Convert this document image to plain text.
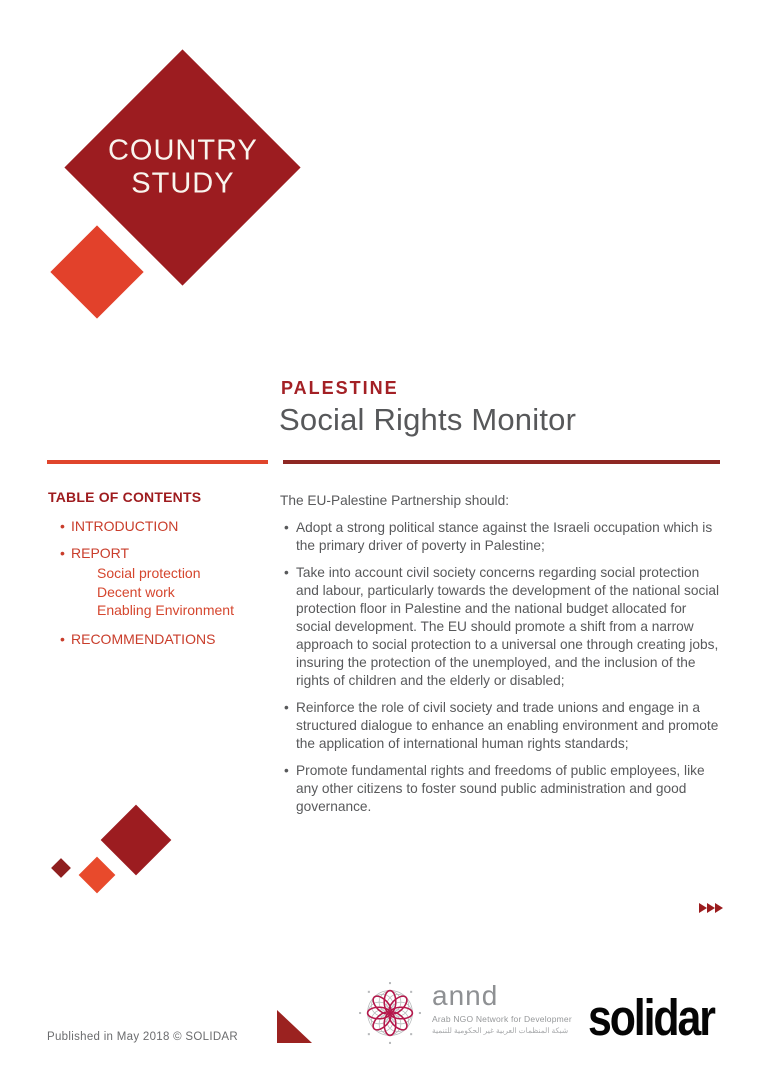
COUNTRY
STUDY
PALESTINE
Social Rights Monitor
TABLE OF CONTENTS
• INTRODUCTION
• REPORT
Social protection
Decent work
Enabling Environment
• RECOMMENDATIONS

The EU-Palestine Partnership should:

• Adopt a strong political stance against the Israeli occupation which is the primary driver of poverty in Palestine;
• Take into account civil society concerns regarding social protection and labour, particularly towards the development of the national social protection floor in Palestine and the national budget allocated for social development. The EU should promote a shift from a narrow approach to social protection to a universal one through creating jobs, insuring the protection of the unemployed, and the inclusion of the rights of children and the elderly or disabled;
• Reinforce the role of civil society and trade unions and engage in a structured dialogue to enhance an enabling environment and promote the application of international human rights standards;
• Promote fundamental rights and freedoms of public employees, like any other citizens to foster sound public administration and good governance.
annd
Arab NGO Network for Developmer
شبكة المنظمات العربية غير الحكومية للتنمية solidar
Published in May 2018 © SOLIDAR
